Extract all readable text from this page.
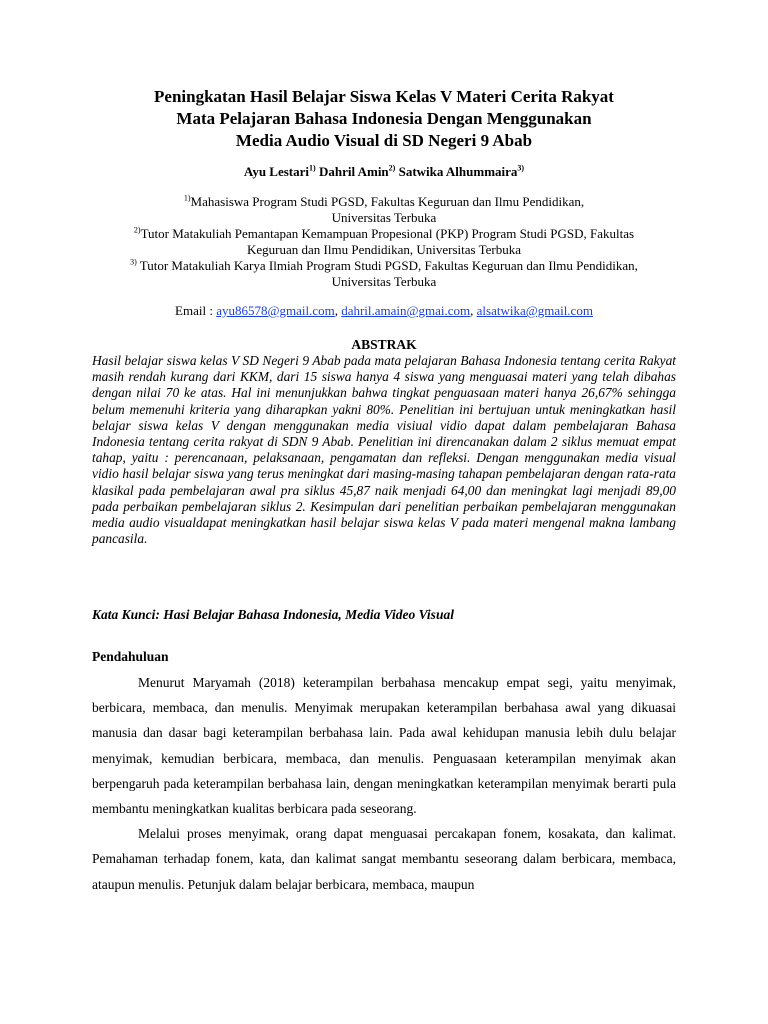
Peningkatan Hasil Belajar Siswa Kelas V Materi Cerita Rakyat
Mata Pelajaran Bahasa Indonesia Dengan Menggunakan
Media Audio Visual di SD Negeri 9 Abab
Ayu Lestari$^{1)}$ Dahril Amin$^{2)}$ Satwika Alhummaira$^{3)}$
$^{1)}$Mahasiswa Program Studi PGSD, Fakultas Keguruan dan Ilmu Pendidikan,
Universitas Terbuka
$^{2)}$Tutor Matakuliah Pemantapan Kemampuan Propesional (PKP) Program Studi PGSD, Fakultas
Keguruan dan Ilmu Pendidikan, Universitas Terbuka
$^{3)}$ Tutor Matakuliah Karya Ilmiah Program Studi PGSD, Fakultas Keguruan dan Ilmu Pendidikan,
Universitas Terbuka
Email : ayu86578@gmail.com, dahril.amain@gmai.com, alsatwika@gmail.com
ABSTRAK
Hasil belajar siswa kelas V SD Negeri 9 Abab pada mata pelajaran Bahasa Indonesia tentang cerita Rakyat masih rendah kurang dari KKM, dari 15 siswa hanya 4 siswa yang menguasai materi yang telah dibahas dengan nilai 70 ke atas. Hal ini menunjukkan bahwa tingkat penguasaan materi hanya 26,67% sehingga belum memenuhi kriteria yang diharapkan yakni 80%. Penelitian ini bertujuan untuk meningkatkan hasil belajar siswa kelas V dengan menggunakan media visiual vidio dapat dalam pembelajaran Bahasa Indonesia tentang cerita rakyat di SDN 9 Abab. Penelitian ini direncanakan dalam 2 siklus memuat empat tahap, yaitu : perencanaan, pelaksanaan, pengamatan dan refleksi. Dengan menggunakan media visual vidio hasil belajar siswa yang terus meningkat dari masing-masing tahapan pembelajaran dengan rata-rata klasikal pada pembelajaran awal pra siklus 45,87 naik menjadi 64,00 dan meningkat lagi menjadi 89,00 pada perbaikan pembelajaran siklus 2. Kesimpulan dari penelitian perbaikan pembelajaran menggunakan media audio visualdapat meningkatkan hasil belajar siswa kelas V pada materi mengenal makna lambang pancasila.
Kata Kunci: Hasi Belajar Bahasa Indonesia, Media Video Visual
Pendahuluan

Menurut Maryamah (2018) keterampilan berbahasa mencakup empat segi, yaitu menyimak, berbicara, membaca, dan menulis. Menyimak merupakan keterampilan berbahasa awal yang dikuasai manusia dan dasar bagi keterampilan berbahasa lain. Pada awal kehidupan manusia lebih dulu belajar menyimak, kemudian berbicara, membaca, dan menulis. Penguasaan keterampilan menyimak akan berpengaruh pada keterampilan berbahasa lain, dengan meningkatkan keterampilan menyimak berarti pula membantu meningkatkan kualitas berbicara pada seseorang.

Melalui proses menyimak, orang dapat menguasai percakapan fonem, kosakata, dan kalimat. Pemahaman terhadap fonem, kata, dan kalimat sangat membantu seseorang dalam berbicara, membaca, ataupun menulis. Petunjuk dalam belajar berbicara, membaca, maupun
